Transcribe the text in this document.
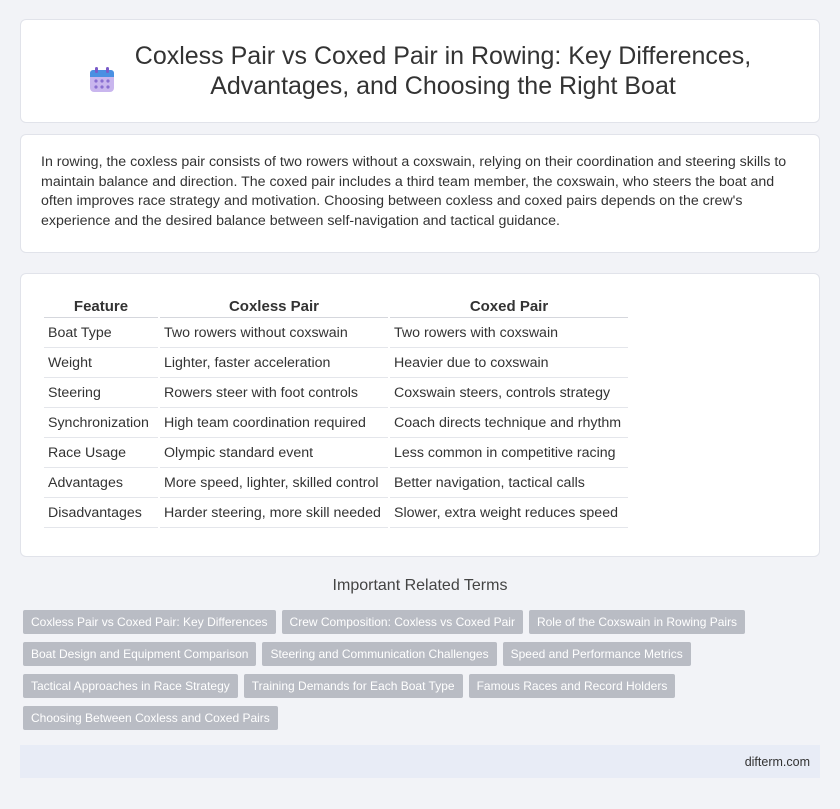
Coxless Pair vs Coxed Pair in Rowing: Key Differences,
Advantages, and Choosing the Right Boat

In rowing, the coxless pair consists of two rowers without a coxswain, relying on their coordination and steering skills to maintain balance and direction. The coxed pair includes a third team member, the coxswain, who steers the boat and often improves race strategy and motivation. Choosing between coxless and coxed pairs depends on the crew's experience and the desired balance between self-navigation and tactical guidance.

Feature	Coxless Pair	Coxed Pair
Boat Type	Two rowers without coxswain	Two rowers with coxswain
Weight	Lighter, faster acceleration	Heavier due to coxswain
Steering	Rowers steer with foot controls	Coxswain steers, controls strategy
Synchronization	High team coordination required	Coach directs technique and rhythm
Race Usage	Olympic standard event	Less common in competitive racing
Advantages	More speed, lighter, skilled control	Better navigation, tactical calls
Disadvantages	Harder steering, more skill needed	Slower, extra weight reduces speed
Important Related Terms
Coxless Pair vs Coxed Pair: Key Differences Crew Composition: Coxless vs Coxed Pair Role of the Coxswain in Rowing Pairs
Boat Design and Equipment Comparison Steering and Communication Challenges Speed and Performance Metrics
Tactical Approaches in Race Strategy Training Demands for Each Boat Type Famous Races and Record Holders
Choosing Between Coxless and Coxed Pairs
difterm.com
